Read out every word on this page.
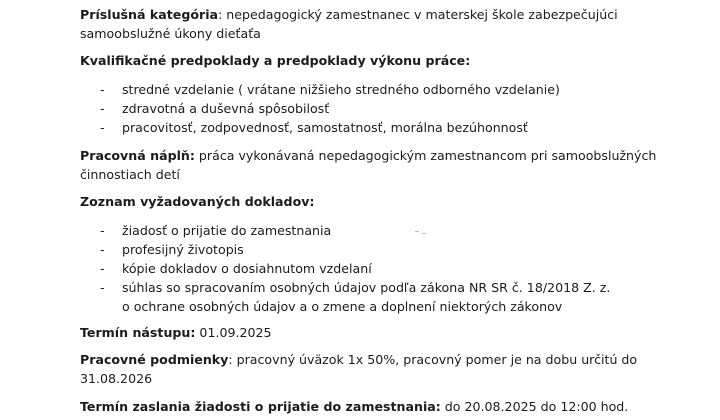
Príslušná kategória: nepedagogický zamestnanec v materskej škole zabezpečujúci
samoobslužné úkony dieťaťa
Kvalifikačné predpoklady a predpoklady výkonu práce:
- stredné vzdelanie ( vrátane nižšieho stredného odborného vzdelanie)
- zdravotná a duševná spôsobilosť
- pracovitosť, zodpovednosť, samostatnosť, morálna bezúhonnosť
Pracovná náplň: práca vykonávaná nepedagogickým zamestnancom pri samoobslužných
činnostiach detí
Zoznam vyžadovaných dokladov:
- žiadosť o prijatie do zamestnania
- profesijný životopis
- kópie dokladov o dosiahnutom vzdelaní
- súhlas so spracovaním osobných údajov podľa zákona NR SR č. 18/2018 Z. z.
o ochrane osobných údajov a o zmene a doplnení niektorých zákonov
Termín nástupu: 01.09.2025
Pracovné podmienky: pracovný úväzok 1x 50%, pracovný pomer je na dobu určitú do
31.08.2026
Termín zaslania žiadosti o prijatie do zamestnania: do 20.08.2025 do 12:00 hod.
